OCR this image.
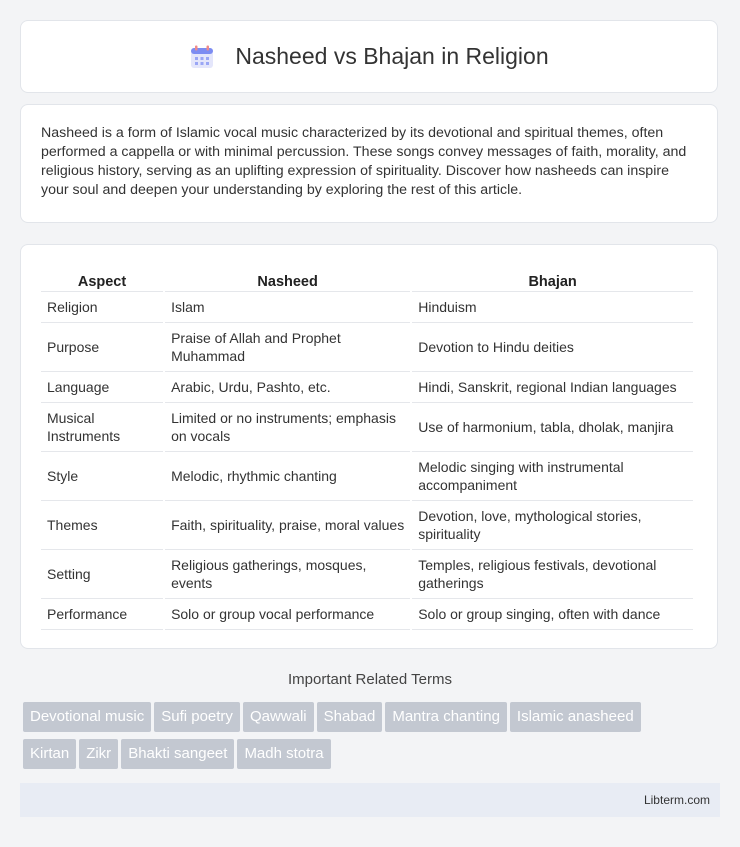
Nasheed vs Bhajan in Religion

Nasheed is a form of Islamic vocal music characterized by its devotional and spiritual themes, often performed a cappella or with minimal percussion. These songs convey messages of faith, morality, and religious history, serving as an uplifting expression of spirituality. Discover how nasheeds can inspire your soul and deepen your understanding by exploring the rest of this article.

Aspect	Nasheed	Bhajan
Religion	Islam	Hinduism
Purpose	Praise of Allah and Prophet Muhammad	Devotion to Hindu deities
Language	Arabic, Urdu, Pashto, etc.	Hindi, Sanskrit, regional Indian languages
Musical Instruments	Limited or no instruments; emphasis on vocals	Use of harmonium, tabla, dholak, manjira
Style	Melodic, rhythmic chanting	Melodic singing with instrumental accompaniment
Themes	Faith, spirituality, praise, moral values	Devotion, love, mythological stories, spirituality
Setting	Religious gatherings, mosques, events	Temples, religious festivals, devotional gatherings
Performance	Solo or group vocal performance	Solo or group singing, often with dance
Important Related Terms
Devotional music Sufi poetry Qawwali Shabad Mantra chanting Islamic anasheed
Kirtan Zikr Bhakti sangeet Madh stotra
Libterm.com
